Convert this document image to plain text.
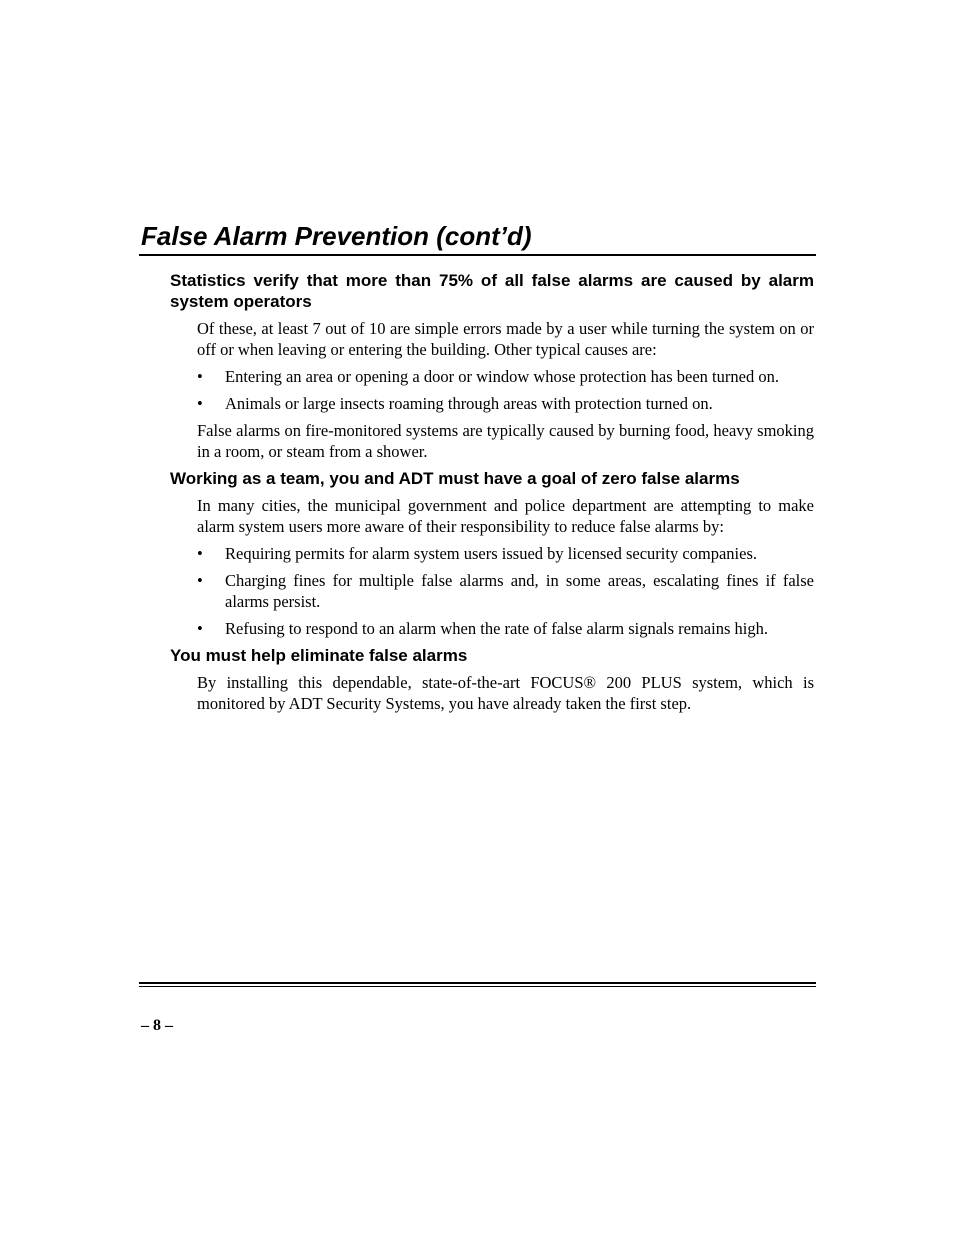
False Alarm Prevention (cont’d)
Statistics verify that more than 75% of all false alarms are caused by alarm system operators

Of these, at least 7 out of 10 are simple errors made by a user while turning the system on or off or when leaving or entering the building. Other typical causes are:

• Entering an area or opening a door or window whose protection has been turned on.
• Animals or large insects roaming through areas with protection turned on.

False alarms on fire-monitored systems are typically caused by burning food, heavy smoking in a room, or steam from a shower.

Working as a team, you and ADT must have a goal of zero false alarms

In many cities, the municipal government and police department are attempting to make alarm system users more aware of their responsibility to reduce false alarms by:

• Requiring permits for alarm system users issued by licensed security companies.
• Charging fines for multiple false alarms and, in some areas, escalating fines if false alarms persist.
• Refusing to respond to an alarm when the rate of false alarm signals remains high.
You must help eliminate false alarms

By installing this dependable, state-of-the-art FOCUS® 200 PLUS system, which is monitored by ADT Security Systems, you have already taken the first step.

– 8 –
